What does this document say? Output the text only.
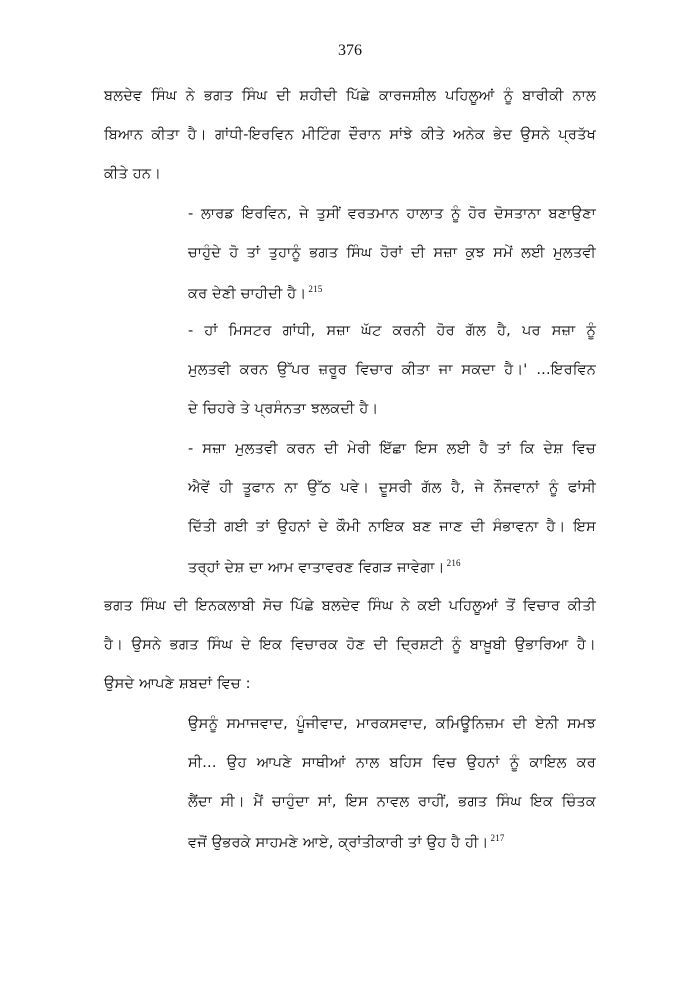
376
ਬਲਦੇਵ ਸਿੰਘ ਨੇ ਭਗਤ ਸਿੰਘ ਦੀ ਸ਼ਹੀਦੀ ਪਿੱਛੇ ਕਾਰਜਸ਼ੀਲ ਪਹਿਲੂਆਂ ਨੂੰ ਬਾਰੀਕੀ ਨਾਲ
ਬਿਆਨ ਕੀਤਾ ਹੈ। ਗਾਂਧੀ-ਇਰਵਿਨ ਮੀਟਿੰਗ ਦੌਰਾਨ ਸਾਂਝੇ ਕੀਤੇ ਅਨੇਕ ਭੇਦ ਉਸਨੇ ਪ੍ਰਤੱਖ
ਕੀਤੇ ਹਨ।
- ਲਾਰਡ ਇਰਵਿਨ, ਜੇ ਤੁਸੀਂ ਵਰਤਮਾਨ ਹਾਲਾਤ ਨੂੰ ਹੋਰ ਦੋਸਤਾਨਾ ਬਣਾਉਣਾ
ਚਾਹੁੰਦੇ ਹੋ ਤਾਂ ਤੁਹਾਨੂੰ ਭਗਤ ਸਿੰਘ ਹੋਰਾਂ ਦੀ ਸਜ਼ਾ ਕੁਝ ਸਮੇਂ ਲਈ ਮੁਲਤਵੀ
ਕਰ ਦੇਣੀ ਚਾਹੀਦੀ ਹੈ। $^{215}$
- ਹਾਂ ਮਿਸਟਰ ਗਾਂਧੀ, ਸਜ਼ਾ ਘੱਟ ਕਰਨੀ ਹੋਰ ਗੱਲ ਹੈ, ਪਰ ਸਜ਼ਾ ਨੂੰ
ਮੁਲਤਵੀ ਕਰਨ ਉੱਪਰ ਜ਼ਰੂਰ ਵਿਚਾਰ ਕੀਤਾ ਜਾ ਸਕਦਾ ਹੈ।' ...ਇਰਵਿਨ
ਦੇ ਚਿਹਰੇ ਤੇ ਪ੍ਰਸੰਨਤਾ ਝਲਕਦੀ ਹੈ।
- ਸਜ਼ਾ ਮੁਲਤਵੀ ਕਰਨ ਦੀ ਮੇਰੀ ਇੱਛਾ ਇਸ ਲਈ ਹੈ ਤਾਂ ਕਿ ਦੇਸ਼ ਵਿਚ
ਐਵੇਂ ਹੀ ਤੂਫਾਨ ਨਾ ਉੱਠ ਪਵੇ। ਦੂਸਰੀ ਗੱਲ ਹੈ, ਜੇ ਨੌਜਵਾਨਾਂ ਨੂੰ ਫਾਂਸੀ
ਦਿੱਤੀ ਗਈ ਤਾਂ ਉਹਨਾਂ ਦੇ ਕੌਮੀ ਨਾਇਕ ਬਣ ਜਾਣ ਦੀ ਸੰਭਾਵਨਾ ਹੈ। ਇਸ
ਤਰ੍ਹਾਂ ਦੇਸ਼ ਦਾ ਆਮ ਵਾਤਾਵਰਣ ਵਿਗੜ ਜਾਵੇਗਾ। $^{216}$
ਭਗਤ ਸਿੰਘ ਦੀ ਇਨਕਲਾਬੀ ਸੋਚ ਪਿੱਛੇ ਬਲਦੇਵ ਸਿੰਘ ਨੇ ਕਈ ਪਹਿਲੂਆਂ ਤੋਂ ਵਿਚਾਰ ਕੀਤੀ
ਹੈ। ਉਸਨੇ ਭਗਤ ਸਿੰਘ ਦੇ ਇਕ ਵਿਚਾਰਕ ਹੋਣ ਦੀ ਦ੍ਰਿਸ਼ਟੀ ਨੂੰ ਬਾਖ਼ੂਬੀ ਉਭਾਰਿਆ ਹੈ।
ਉਸਦੇ ਆਪਣੇ ਸ਼ਬਦਾਂ ਵਿਚ :
ਉਸਨੂੰ ਸਮਾਜਵਾਦ, ਪੂੰਜੀਵਾਦ, ਮਾਰਕਸਵਾਦ, ਕਮਿਊਨਿਜ਼ਮ ਦੀ ਏਨੀ ਸਮਝ
ਸੀ... ਉਹ ਆਪਣੇ ਸਾਥੀਆਂ ਨਾਲ ਬਹਿਸ ਵਿਚ ਉਹਨਾਂ ਨੂੰ ਕਾਇਲ ਕਰ
ਲੈਂਦਾ ਸੀ। ਮੈਂ ਚਾਹੁੰਦਾ ਸਾਂ, ਇਸ ਨਾਵਲ ਰਾਹੀਂ, ਭਗਤ ਸਿੰਘ ਇਕ ਚਿੰਤਕ
ਵਜੋਂ ਉਭਰਕੇ ਸਾਹਮਣੇ ਆਏ, ਕ੍ਰਾਂਤੀਕਾਰੀ ਤਾਂ ਉਹ ਹੈ ਹੀ। $^{217}$
